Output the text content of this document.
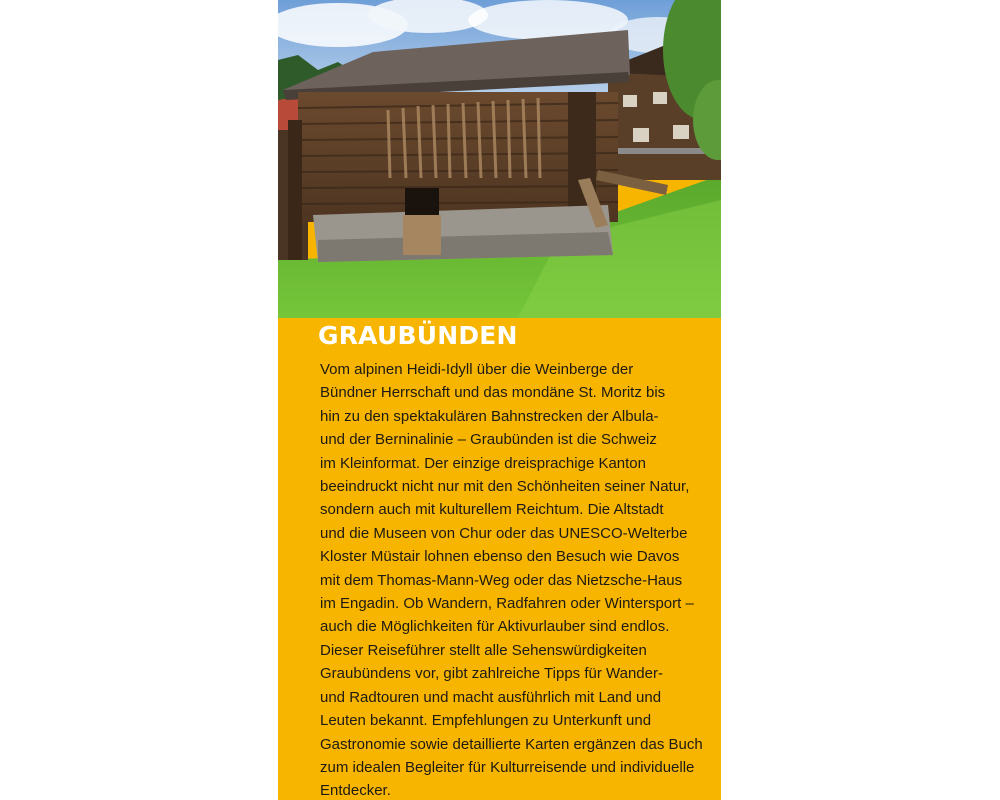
GRAUBÜNDEN

Vom alpinen Heidi-Idyll über die Weinberge der
Bündner Herrschaft und das mondäne St. Moritz bis
hin zu den spektakulären Bahnstrecken der Albula-
und der Berninalinie – Graubünden ist die Schweiz
im Kleinformat. Der einzige dreisprachige Kanton
beeindruckt nicht nur mit den Schönheiten seiner Natur,
sondern auch mit kulturellem Reichtum. Die Altstadt
und die Museen von Chur oder das UNESCO-Welterbe
Kloster Müstair lohnen ebenso den Besuch wie Davos
mit dem Thomas-Mann-Weg oder das Nietzsche-Haus
im Engadin. Ob Wandern, Radfahren oder Wintersport –
auch die Möglichkeiten für Aktivurlauber sind endlos.
Dieser Reiseführer stellt alle Sehenswürdigkeiten
Graubündens vor, gibt zahlreiche Tipps für Wander-
und Radtouren und macht ausführlich mit Land und
Leuten bekannt. Empfehlungen zu Unterkunft und
Gastronomie sowie detaillierte Karten ergänzen das Buch
zum idealen Begleiter für Kulturreisende und individuelle
Entdecker.
